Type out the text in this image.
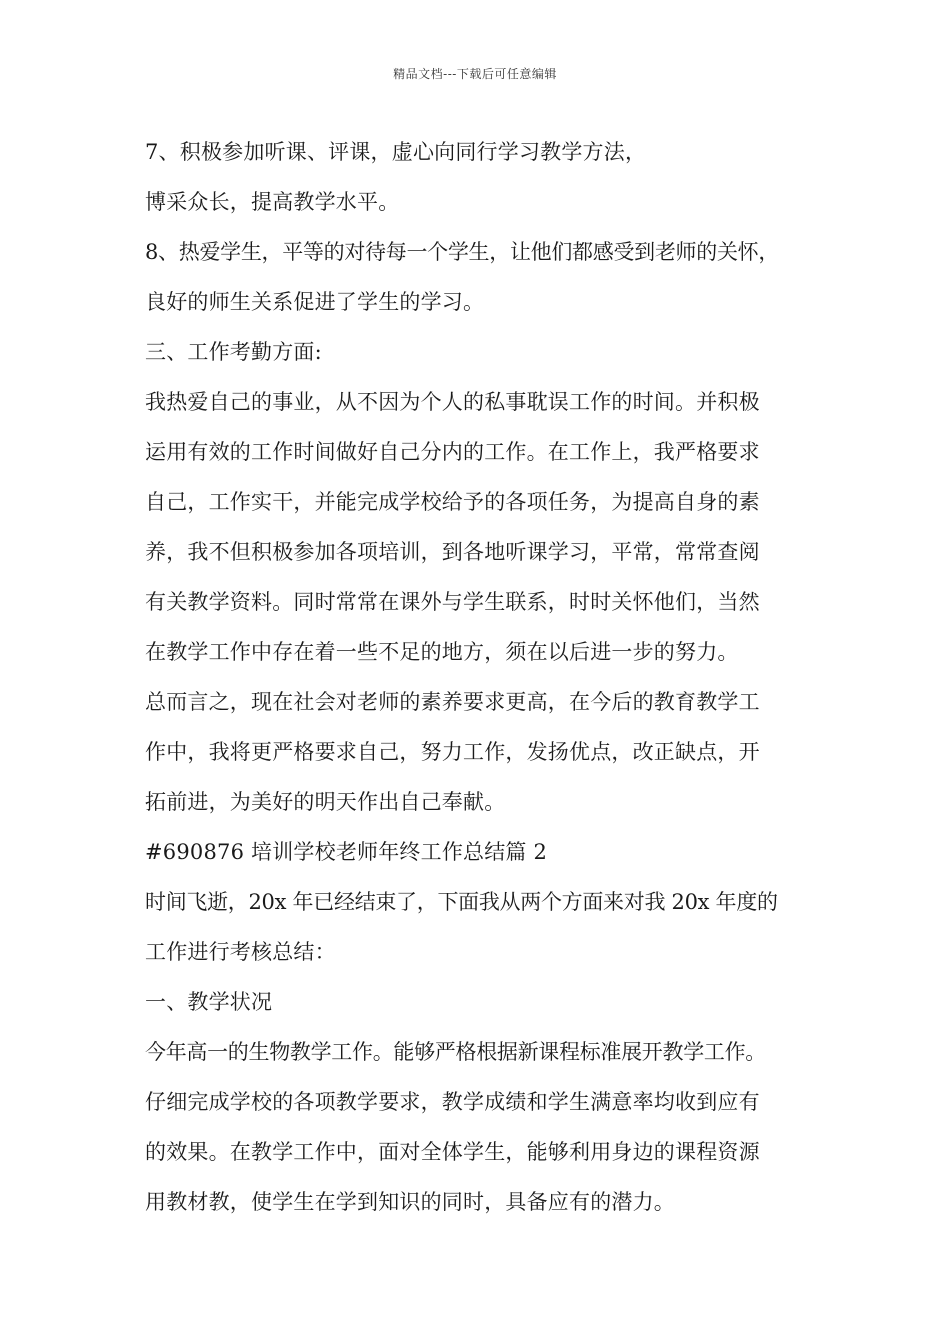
精品文档---下载后可任意编辑
7、积极参加听课、评课，虚心向同行学习教学方法，
博采众长，提高教学水平。
8、热爱学生，平等的对待每一个学生，让他们都感受到老师的关怀，
良好的师生关系促进了学生的学习。
三、工作考勤方面:
我热爱自己的事业，从不因为个人的私事耽误工作的时间。并积极
运用有效的工作时间做好自己分内的工作。在工作上，我严格要求
自己，工作实干，并能完成学校给予的各项任务，为提高自身的素
养，我不但积极参加各项培训，到各地听课学习，平常，常常查阅
有关教学资料。同时常常在课外与学生联系，时时关怀他们，当然
在教学工作中存在着一些不足的地方，须在以后进一步的努力。
总而言之，现在社会对老师的素养要求更高，在今后的教育教学工
作中，我将更严格要求自己，努力工作，发扬优点，改正缺点，开
拓前进，为美好的明天作出自己奉献。
#690876 培训学校老师年终工作总结篇 2
时间飞逝，20x 年已经结束了，下面我从两个方面来对我 20x 年度的
工作进行考核总结：
一、教学状况
今年高一的生物教学工作。能够严格根据新课程标准展开教学工作。
仔细完成学校的各项教学要求，教学成绩和学生满意率均收到应有
的效果。在教学工作中，面对全体学生，能够利用身边的课程资源
用教材教，使学生在学到知识的同时，具备应有的潜力。
